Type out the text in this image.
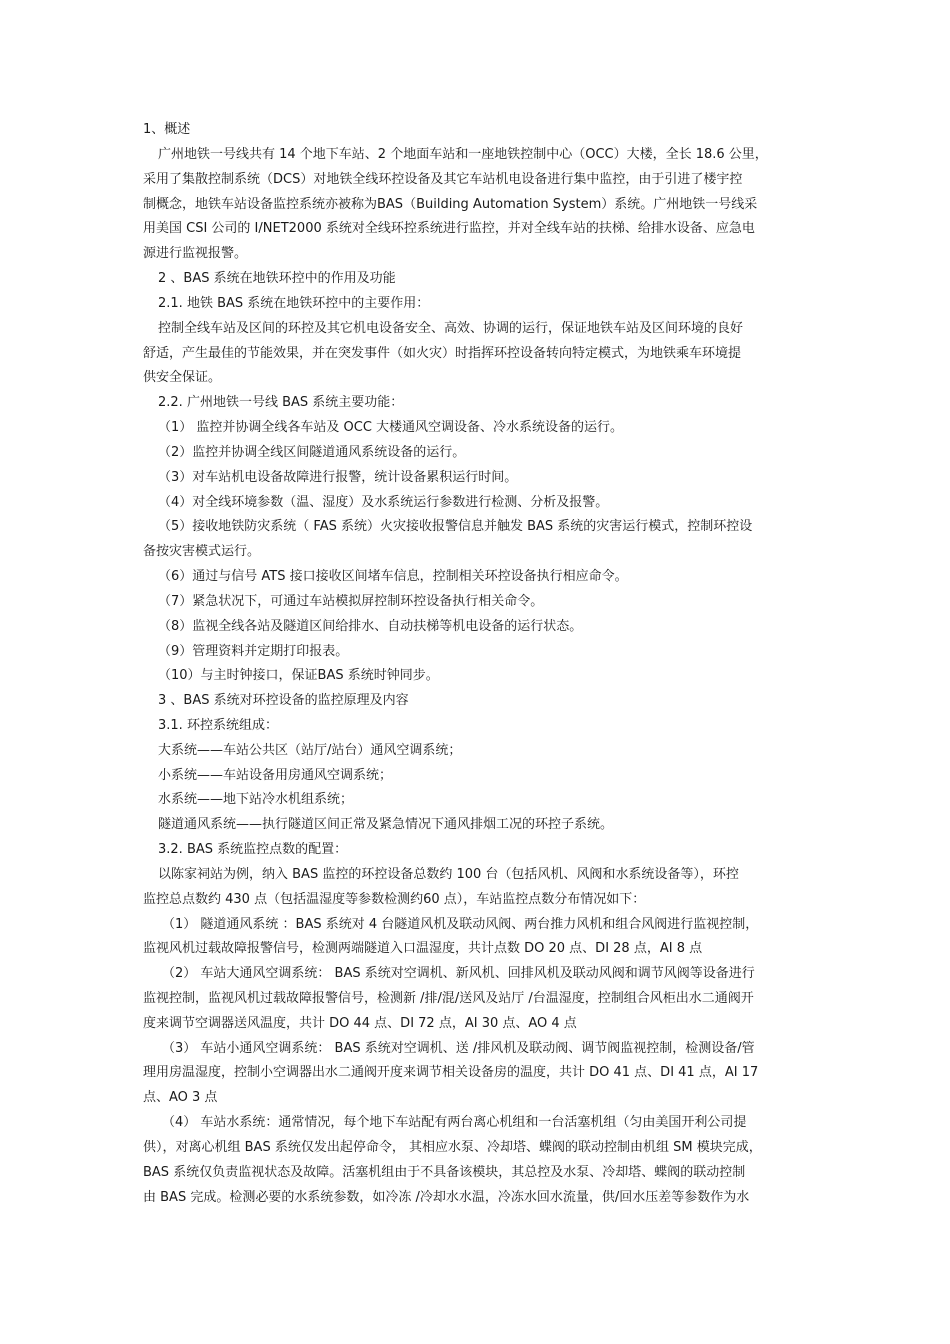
1、概述
广州地铁一号线共有 14 个地下车站、2 个地面车站和一座地铁控制中心（OCC）大楼，全长 18.6 公里，
采用了集散控制系统（DCS）对地铁全线环控设备及其它车站机电设备进行集中监控，由于引进了楼宇控
制概念，地铁车站设备监控系统亦被称为BAS（Building Automation System）系统。广州地铁一号线采
用美国 CSI 公司的 I/NET2000 系统对全线环控系统进行监控，并对全线车站的扶梯、给排水设备、应急电
源进行监视报警。
2 、BAS 系统在地铁环控中的作用及功能
2.1. 地铁 BAS 系统在地铁环控中的主要作用：
控制全线车站及区间的环控及其它机电设备安全、高效、协调的运行，保证地铁车站及区间环境的良好
舒适，产生最佳的节能效果，并在突发事件（如火灾）时指挥环控设备转向特定模式，为地铁乘车环境提
供安全保证。
2.2. 广州地铁一号线 BAS 系统主要功能：
（1） 监控并协调全线各车站及 OCC 大楼通风空调设备、冷水系统设备的运行。
（2）监控并协调全线区间隧道通风系统设备的运行。
（3）对车站机电设备故障进行报警，统计设备累积运行时间。
（4）对全线环境参数（温、湿度）及水系统运行参数进行检测、分析及报警。
（5）接收地铁防灾系统（ FAS 系统）火灾接收报警信息并触发 BAS 系统的灾害运行模式，控制环控设
备按灾害模式运行。
（6）通过与信号 ATS 接口接收区间堵车信息，控制相关环控设备执行相应命令。
（7）紧急状况下，可通过车站模拟屏控制环控设备执行相关命令。
（8）监视全线各站及隧道区间给排水、自动扶梯等机电设备的运行状态。
（9）管理资料并定期打印报表。
（10）与主时钟接口，保证BAS 系统时钟同步。
3 、BAS 系统对环控设备的监控原理及内容
3.1. 环控系统组成：
大系统——车站公共区（站厅/站台）通风空调系统；
小系统——车站设备用房通风空调系统；
水系统——地下站冷水机组系统；
隧道通风系统——执行隧道区间正常及紧急情况下通风排烟工况的环控子系统。
3.2. BAS 系统监控点数的配置：
以陈家祠站为例，纳入 BAS 监控的环控设备总数约 100 台（包括风机、风阀和水系统设备等），环控
监控总点数约 430 点（包括温湿度等参数检测约60 点），车站监控点数分布情况如下：
（1） 隧道通风系统 ：BAS 系统对 4 台隧道风机及联动风阀、两台推力风机和组合风阀进行监视控制，
监视风机过载故障报警信号，检测两端隧道入口温湿度，共计点数 DO 20 点、DI 28 点，AI 8 点
（2） 车站大通风空调系统： BAS 系统对空调机、新风机、回排风机及联动风阀和调节风阀等设备进行
监视控制，监视风机过载故障报警信号，检测新 /排/混/送风及站厅 /台温湿度，控制组合风柜出水二通阀开
度来调节空调器送风温度，共计 DO 44 点、DI 72 点，AI 30 点、AO 4 点
（3） 车站小通风空调系统： BAS 系统对空调机、送 /排风机及联动阀、调节阀监视控制，检测设备/管
理用房温湿度，控制小空调器出水二通阀开度来调节相关设备房的温度，共计 DO 41 点、DI 41 点，AI 17
点、AO 3 点
（4） 车站水系统：通常情况，每个地下车站配有两台离心机组和一台活塞机组（匀由美国开利公司提
供），对离心机组 BAS 系统仅发出起停命令， 其相应水泵、冷却塔、蝶阀的联动控制由机组 SM 模块完成，
BAS 系统仅负责监视状态及故障。活塞机组由于不具备该模块，其总控及水泵、冷却塔、蝶阀的联动控制
由 BAS 完成。检测必要的水系统参数，如冷冻 /冷却水水温，冷冻水回水流量，供/回水压差等参数作为水
